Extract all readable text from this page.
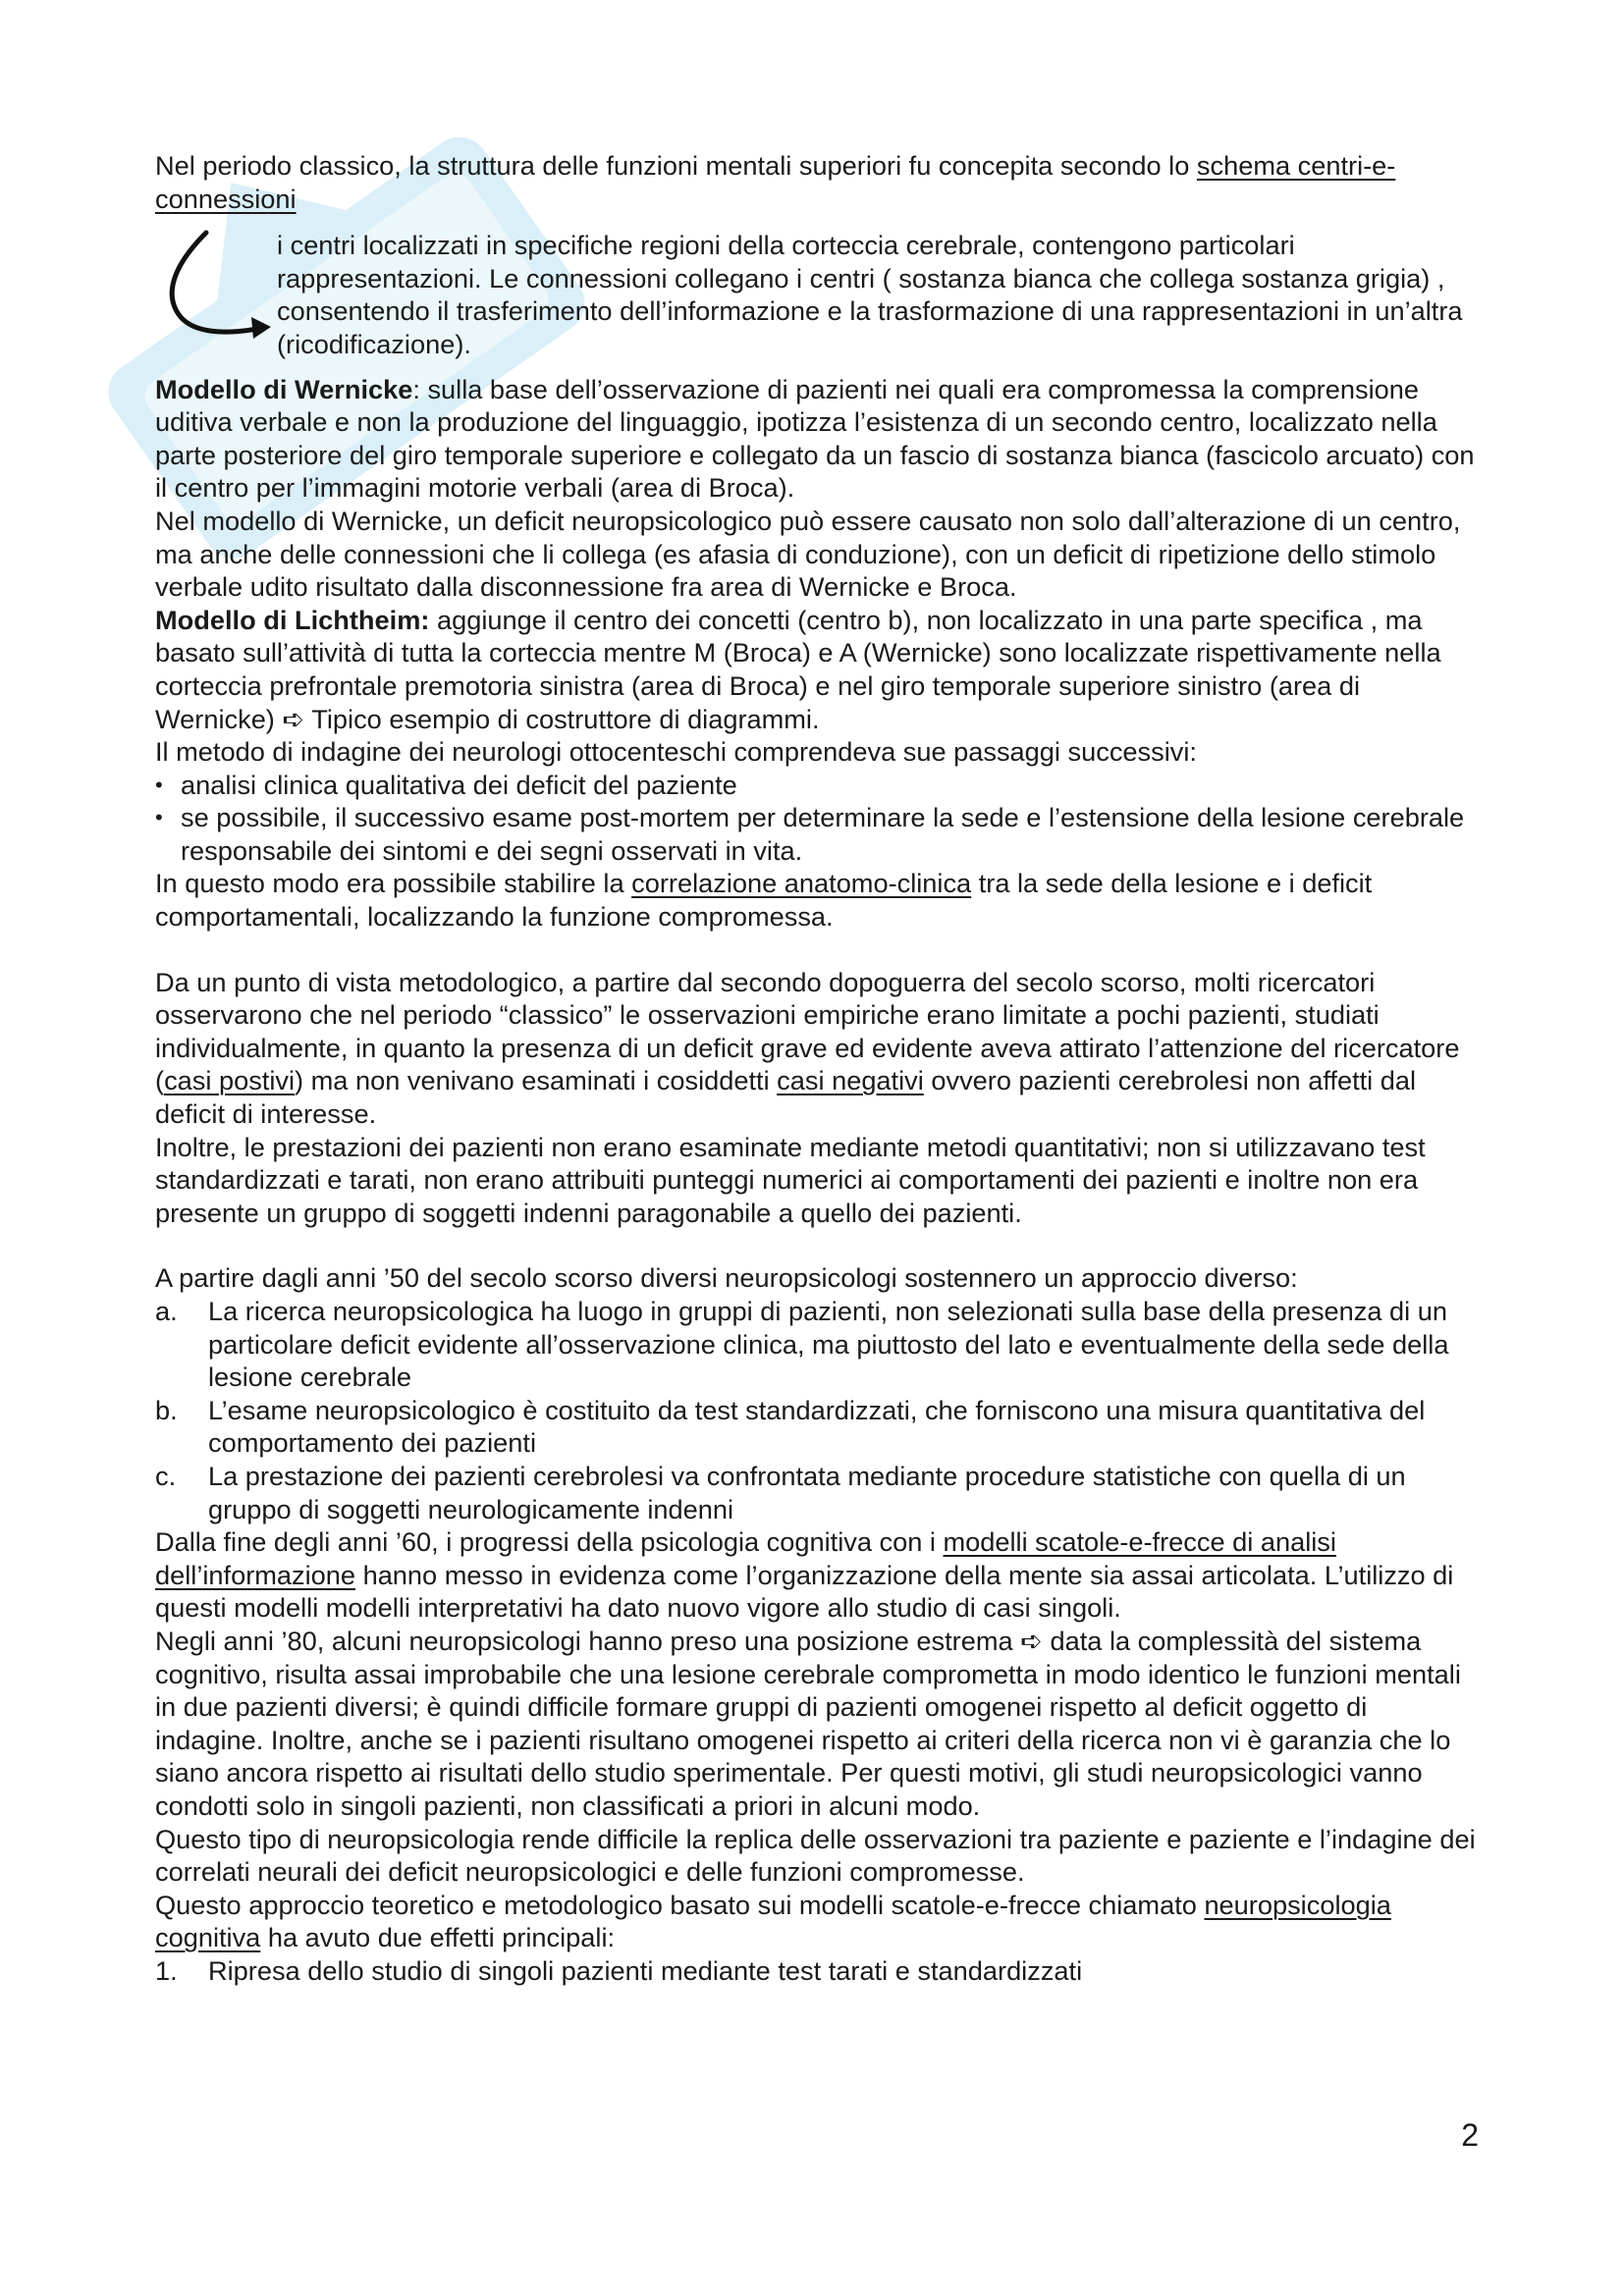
Nel periodo classico, la struttura delle funzioni mentali superiori fu concepita secondo lo schema centri-e-connessioni

i centri localizzati in specifiche regioni della corteccia cerebrale, contengono particolari rappresentazioni. Le connessioni collegano i centri ( sostanza bianca che collega sostanza grigia) , consentendo il trasferimento dell’informazione e la trasformazione di una rappresentazioni in un’altra (ricodificazione).

Modello di Wernicke: sulla base dell’osservazione di pazienti nei quali era compromessa la comprensione uditiva verbale e non la produzione del linguaggio, ipotizza l’esistenza di un secondo centro, localizzato nella parte posteriore del giro temporale superiore e collegato da un fascio di sostanza bianca (fascicolo arcuato) con il centro per l’immagini motorie verbali (area di Broca).

Nel modello di Wernicke, un deficit neuropsicologico può essere causato non solo dall’alterazione di un centro, ma anche delle connessioni che li collega (es afasia di conduzione), con un deficit di ripetizione dello stimolo verbale udito risultato dalla disconnessione fra area di Wernicke e Broca.

Modello di Lichtheim: aggiunge il centro dei concetti (centro b), non localizzato in una parte specifica , ma basato sull’attività di tutta la corteccia mentre M (Broca) e A (Wernicke) sono localizzate rispettivamente nella corteccia prefrontale premotoria sinistra (area di Broca) e nel giro temporale superiore sinistro (area di Wernicke) ➪ Tipico esempio di costruttore di diagrammi.

Il metodo di indagine dei neurologi ottocenteschi comprendeva sue passaggi successivi:

• analisi clinica qualitativa dei deficit del paziente
• se possibile, il successivo esame post-mortem per determinare la sede e l’estensione della lesione cerebrale responsabile dei sintomi e dei segni osservati in vita.

In questo modo era possibile stabilire la correlazione anatomo-clinica tra la sede della lesione e i deficit comportamentali, localizzando la funzione compromessa.

Da un punto di vista metodologico, a partire dal secondo dopoguerra del secolo scorso, molti ricercatori osservarono che nel periodo “classico” le osservazioni empiriche erano limitate a pochi pazienti, studiati individualmente, in quanto la presenza di un deficit grave ed evidente aveva attirato l’attenzione del ricercatore (casi postivi) ma non venivano esaminati i cosiddetti casi negativi ovvero pazienti cerebrolesi non affetti dal deficit di interesse.

Inoltre, le prestazioni dei pazienti non erano esaminate mediante metodi quantitativi; non si utilizzavano test standardizzati e tarati, non erano attribuiti punteggi numerici ai comportamenti dei pazienti e inoltre non era presente un gruppo di soggetti indenni paragonabile a quello dei pazienti.

A partire dagli anni ’50 del secolo scorso diversi neuropsicologi sostennero un approccio diverso:

a. La ricerca neuropsicologica ha luogo in gruppi di pazienti, non selezionati sulla base della presenza di un particolare deficit evidente all’osservazione clinica, ma piuttosto del lato e eventualmente della sede della lesione cerebrale
b. L’esame neuropsicologico è costituito da test standardizzati, che forniscono una misura quantitativa del comportamento dei pazienti
c. La prestazione dei pazienti cerebrolesi va confrontata mediante procedure statistiche con quella di un gruppo di soggetti neurologicamente indenni

Dalla fine degli anni ’60, i progressi della psicologia cognitiva con i modelli scatole-e-frecce di analisi dell’informazione hanno messo in evidenza come l’organizzazione della mente sia assai articolata. L’utilizzo di questi modelli modelli interpretativi ha dato nuovo vigore allo studio di casi singoli.

Negli anni ’80, alcuni neuropsicologi hanno preso una posizione estrema ➪ data la complessità del sistema cognitivo, risulta assai improbabile che una lesione cerebrale comprometta in modo identico le funzioni mentali in due pazienti diversi; è quindi difficile formare gruppi di pazienti omogenei rispetto al deficit oggetto di indagine. Inoltre, anche se i pazienti risultano omogenei rispetto ai criteri della ricerca non vi è garanzia che lo siano ancora rispetto ai risultati dello studio sperimentale. Per questi motivi, gli studi neuropsicologici vanno condotti solo in singoli pazienti, non classificati a priori in alcuni modo.

Questo tipo di neuropsicologia rende difficile la replica delle osservazioni tra paziente e paziente e l’indagine dei correlati neurali dei deficit neuropsicologici e delle funzioni compromesse.

Questo approccio teoretico e metodologico basato sui modelli scatole-e-frecce chiamato neuropsicologia cognitiva ha avuto due effetti principali:

1. Ripresa dello studio di singoli pazienti mediante test tarati e standardizzati
2
